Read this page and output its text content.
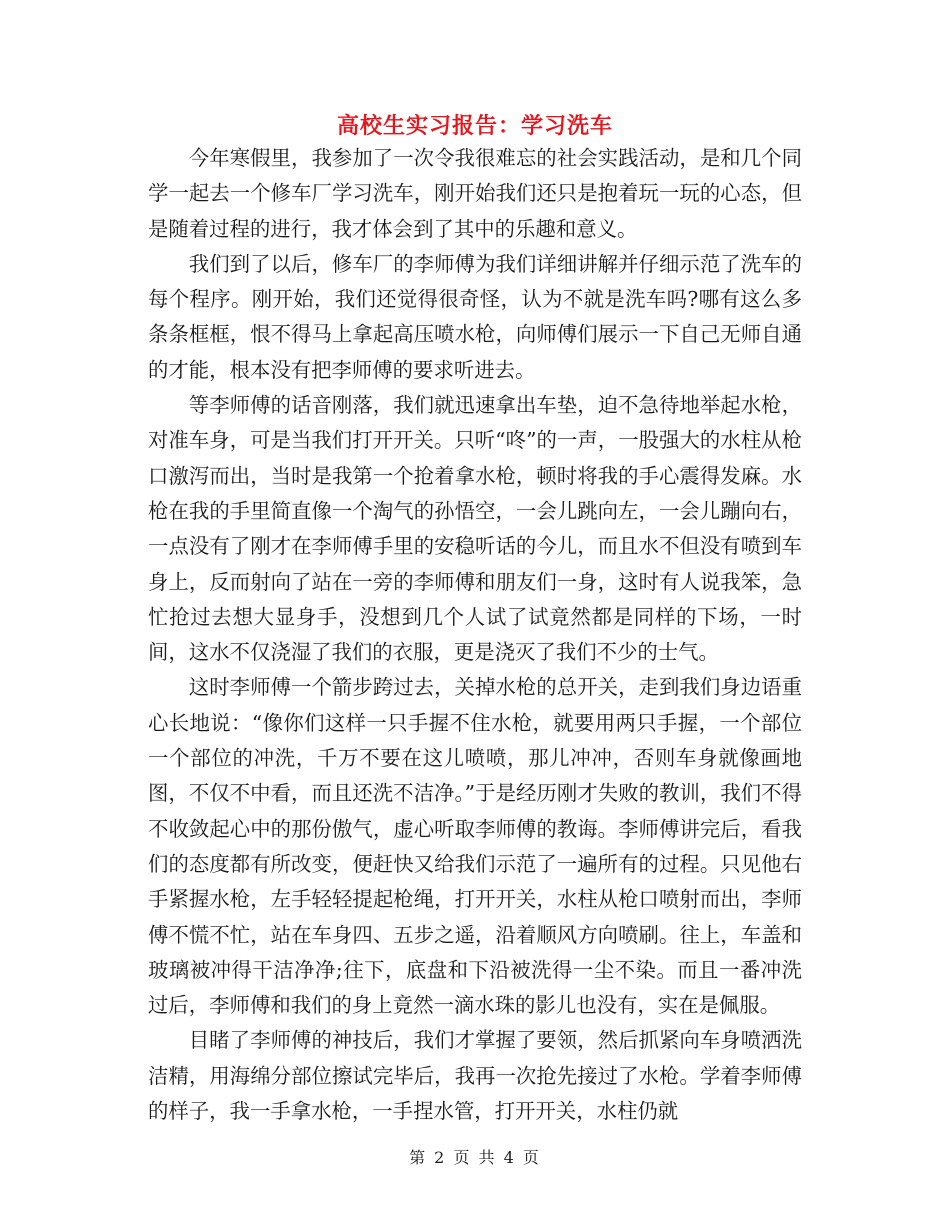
高校生实习报告：学习洗车

今年寒假里，我参加了一次令我很难忘的社会实践活动，是和几个同学一起去一个修车厂学习洗车，刚开始我们还只是抱着玩一玩的心态，但是随着过程的进行，我才体会到了其中的乐趣和意义。

我们到了以后，修车厂的李师傅为我们详细讲解并仔细示范了洗车的每个程序。刚开始，我们还觉得很奇怪，认为不就是洗车吗?哪有这么多条条框框，恨不得马上拿起高压喷水枪，向师傅们展示一下自己无师自通的才能，根本没有把李师傅的要求听进去。

等李师傅的话音刚落，我们就迅速拿出车垫，迫不急待地举起水枪，对准车身，可是当我们打开开关。只听“咚”的一声，一股强大的水柱从枪口激泻而出，当时是我第一个抢着拿水枪，顿时将我的手心震得发麻。水枪在我的手里简直像一个淘气的孙悟空，一会儿跳向左，一会儿蹦向右，一点没有了刚才在李师傅手里的安稳听话的今儿，而且水不但没有喷到车身上，反而射向了站在一旁的李师傅和朋友们一身，这时有人说我笨，急忙抢过去想大显身手，没想到几个人试了试竟然都是同样的下场，一时间，这水不仅浇湿了我们的衣服，更是浇灭了我们不少的士气。

这时李师傅一个箭步跨过去，关掉水枪的总开关，走到我们身边语重心长地说：“像你们这样一只手握不住水枪，就要用两只手握，一个部位一个部位的冲洗，千万不要在这儿喷喷，那儿冲冲，否则车身就像画地图，不仅不中看，而且还洗不洁净。”于是经历刚才失败的教训，我们不得不收敛起心中的那份傲气，虚心听取李师傅的教诲。李师傅讲完后，看我们的态度都有所改变，便赶快又给我们示范了一遍所有的过程。只见他右手紧握水枪，左手轻轻提起枪绳，打开开关，水柱从枪口喷射而出，李师傅不慌不忙，站在车身四、五步之遥，沿着顺风方向喷刷。往上，车盖和玻璃被冲得干洁净净;往下，底盘和下沿被洗得一尘不染。而且一番冲洗过后，李师傅和我们的身上竟然一滴水珠的影儿也没有，实在是佩服。

目睹了李师傅的神技后，我们才掌握了要领，然后抓紧向车身喷洒洗洁精，用海绵分部位擦试完毕后，我再一次抢先接过了水枪。学着李师傅的样子，我一手拿水枪，一手捏水管，打开开关，水柱仍就

第 2 页 共 4 页
